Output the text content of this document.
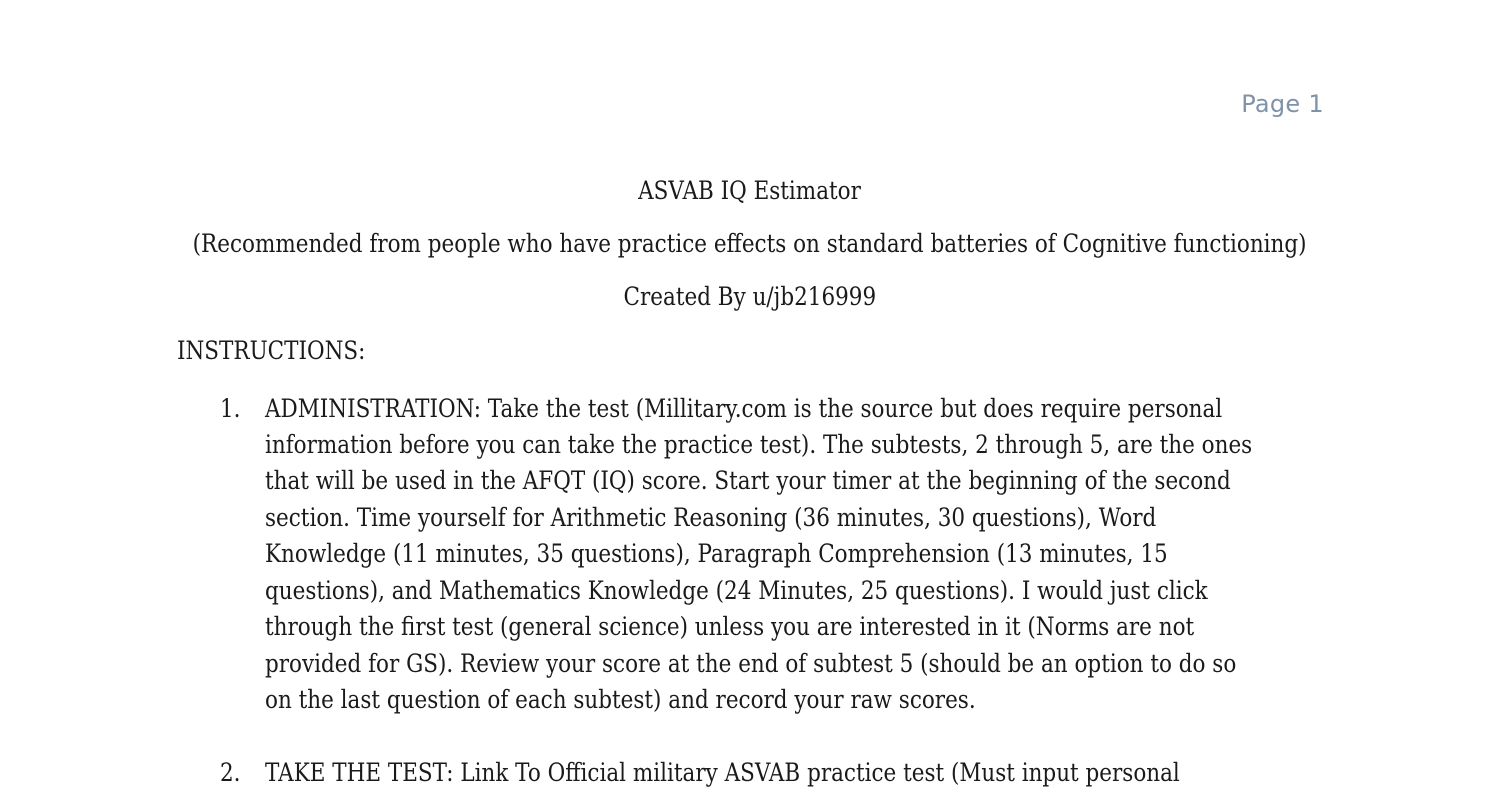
Page 1
ASVAB IQ Estimator
(Recommended from people who have practice effects on standard batteries of Cognitive functioning)
Created By u/jb216999
INSTRUCTIONS:
1. ADMINISTRATION: Take the test (Millitary.com is the source but does require personal
information before you can take the practice test). The subtests, 2 through 5, are the ones
that will be used in the AFQT (IQ) score. Start your timer at the beginning of the second
section. Time yourself for Arithmetic Reasoning (36 minutes, 30 questions), Word
Knowledge (11 minutes, 35 questions), Paragraph Comprehension (13 minutes, 15
questions), and Mathematics Knowledge (24 Minutes, 25 questions). I would just click
through the first test (general science) unless you are interested in it (Norms are not
provided for GS). Review your score at the end of subtest 5 (should be an option to do so
on the last question of each subtest) and record your raw scores.
2. TAKE THE TEST: Link To Official military ASVAB practice test (Must input personal
